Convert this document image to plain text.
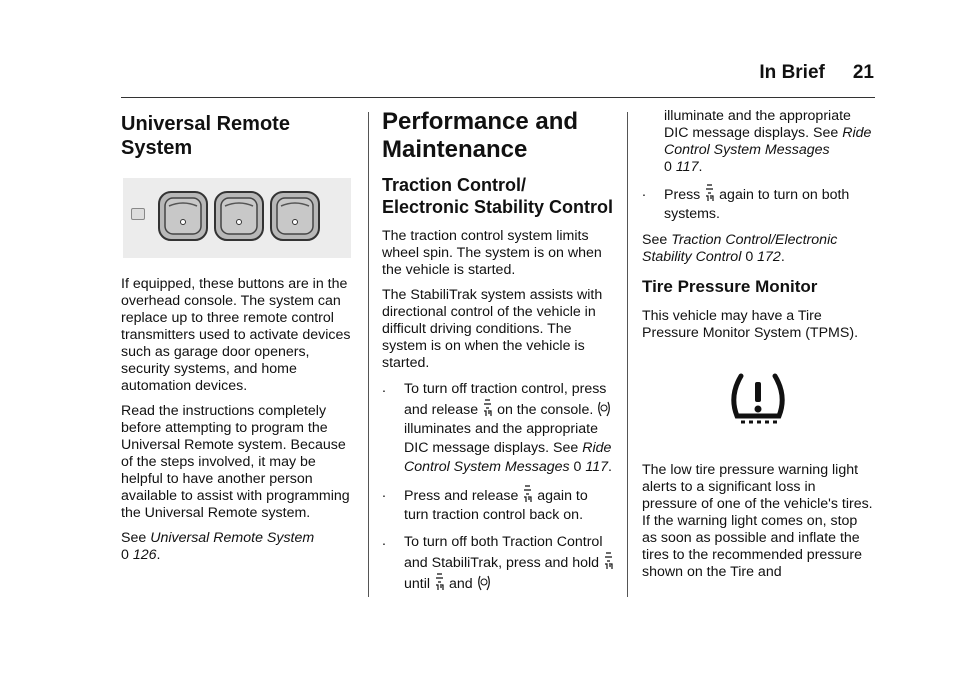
In Brief 21
Universal Remote System

If equipped, these buttons are in the overhead console. The system can replace up to three remote control transmitters used to activate devices such as garage door openers, security systems, and home automation devices.

Read the instructions completely before attempting to program the Universal Remote system. Because of the steps involved, it may be helpful to have another person available to assist with programming the Universal Remote system.

See Universal Remote System
0 126.

Performance and Maintenance
Traction Control/ Electronic Stability Control

The traction control system limits wheel spin. The system is on when the vehicle is started.

The StabiliTrak system assists with directional control of the vehicle in difficult driving conditions. The system is on when the vehicle is started.

.	To turn off traction control, press and release on the console.  illuminates and the appropriate DIC message displays. See Ride Control System Messages 0 117.
.	Press and release again to turn traction control back on.
.	To turn off both Traction Control and StabiliTrak, press and hold  until and
illuminate and the appropriate DIC message displays. See Ride Control System Messages
0 117.
.	Press again to turn on both systems.

See Traction Control/Electronic Stability Control 0 172.

Tire Pressure Monitor

This vehicle may have a Tire Pressure Monitor System (TPMS).

The low tire pressure warning light alerts to a significant loss in pressure of one of the vehicle's tires. If the warning light comes on, stop as soon as possible and inflate the tires to the recommended pressure shown on the Tire and
